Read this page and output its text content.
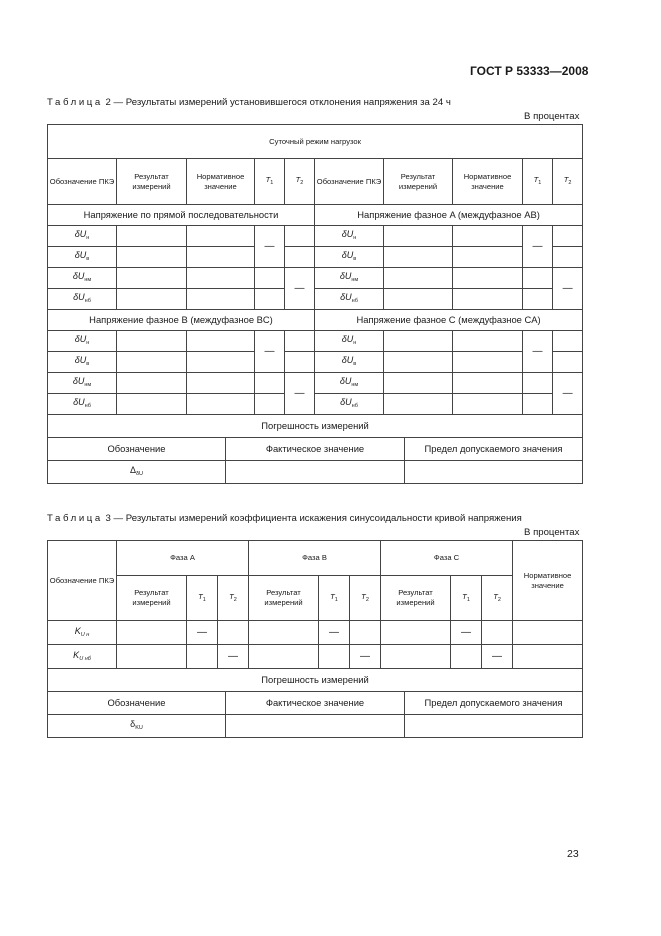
ГОСТ Р 53333—2008
Таблица 2 — Результаты измерений установившегося отклонения напряжения за 24 ч
В процентах
Суточный режим нагрузок									
Обозначение ПКЭ	Результат измерений	Нормативное значение	$T_1$	$T_2$	Обозначение ПКЭ	Результат измерений	Нормативное значение	$T_1$	$T_2$
Напряжение по прямой последовательности					Напряжение фазное A (междуфазное AB)				
$\delta U_н$			—		$\delta U_н$			—	
$\delta U_в$					$\delta U_в$			
$\delta U_{нм}$				—	$\delta U_{нм}$				—
$\delta U_{нб}$					$\delta U_{нб}$			
Напряжение фазное B (междуфазное BC)					Напряжение фазное C (междуфазное CA)				
$\delta U_н$			—		$\delta U_н$			—	
$\delta U_в$					$\delta U_в$			
$\delta U_{нм}$				—	$\delta U_{нм}$				—
$\delta U_{нб}$					$\delta U_{нб}$			
Погрешность измерений		
Обозначение	Фактическое значение	Предел допускаемого значения
$\Delta_{\delta U}$		
Таблица 3 — Результаты измерений коэффициента искажения синусоидальности кривой напряжения
В процентах
Обозначение ПКЭ	Фаза A			Фаза B			Фаза C			Нормативное значение
	Результат измерений	$T_1$	$T_2$	Результат измерений	$T_1$	$T_2$	Результат измерений	$T_1$	$T_2$
$K_{U н}$		—			—			—		
$K_{U нб}$			—			—			—	
Погрешность измерений										
Обозначение	Фактическое значение	Предел допускаемого значения
$\delta_{KU}$		
23
